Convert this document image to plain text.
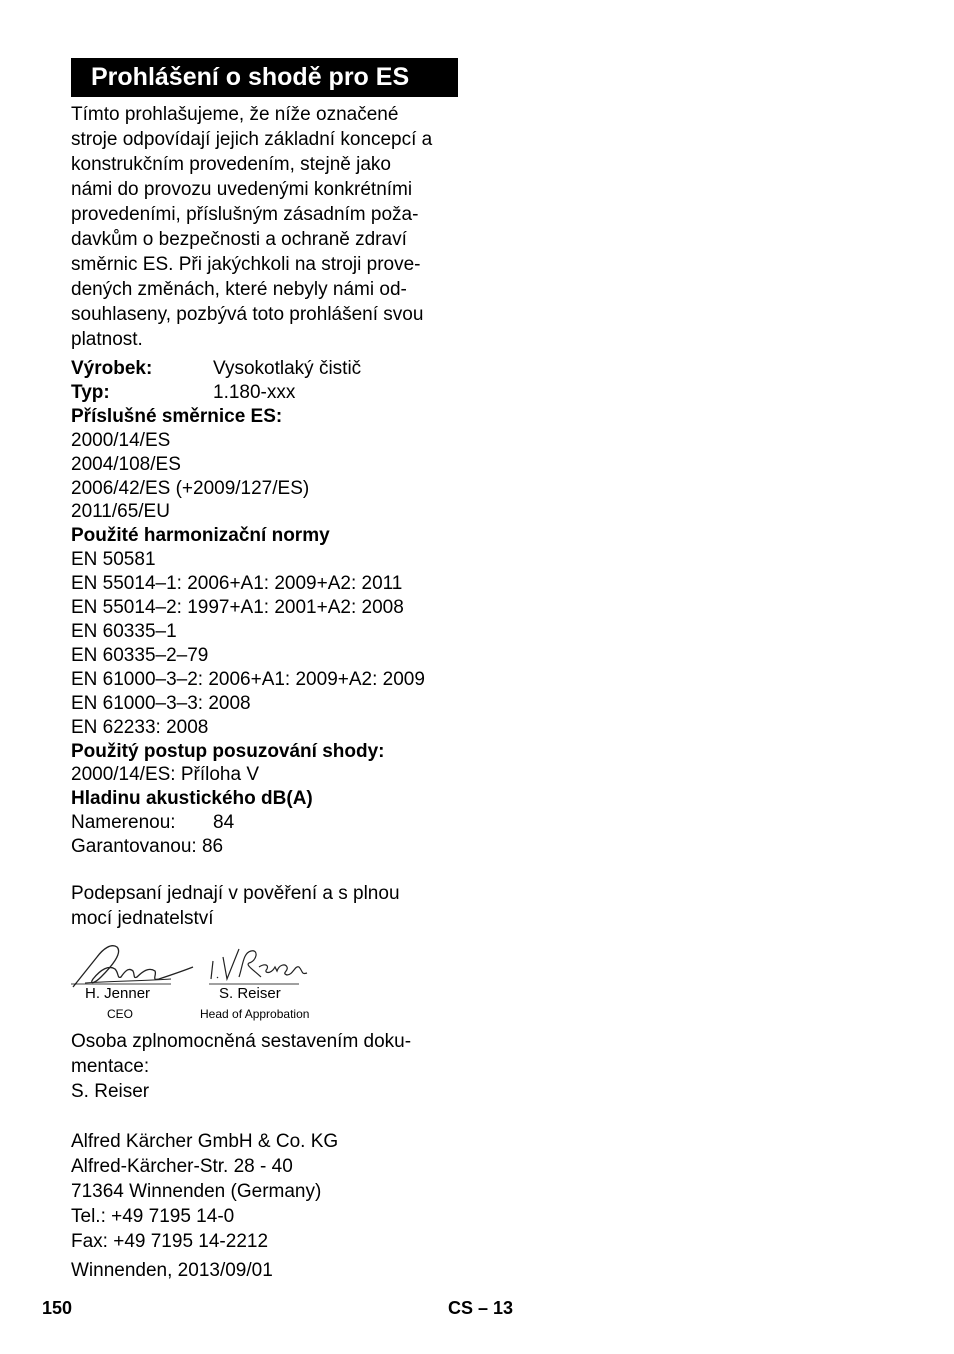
Prohlášení o shodě pro ES

Tímto prohlašujeme, že níže označené

stroje odpovídají jejich základní koncepcí a

konstrukčním provedením, stejně jako

námi do provozu uvedenými konkrétními

provedeními, příslušným zásadním poža-

davkům o bezpečnosti a ochraně zdraví

směrnic ES. Při jakýchkoli na stroji prove-

dených změnách, které nebyly námi od-

souhlaseny, pozbývá toto prohlášení svou

platnost.

Výrobek:	Vysokotlaký čistič
Typ:	1.180-xxx
Příslušné směrnice ES:
2000/14/ES
2004/108/ES
2006/42/ES (+2009/127/ES)
2011/65/EU
Použité harmonizační normy
EN 50581
EN 55014–1: 2006+A1: 2009+A2: 2011
EN 55014–2: 1997+A1: 2001+A2: 2008
EN 60335–1
EN 60335–2–79
EN 61000–3–2: 2006+A1: 2009+A2: 2009
EN 61000–3–3: 2008
EN 62233: 2008
Použitý postup posuzování shody:
2000/14/ES: Příloha V
Hladinu akustického dB(A)
Namerenou: 84
Garantovanou: 86
Podepsaní jednají v pověření a s plnou
mocí jednatelství
H. Jenner
CEO
S. Reiser
Head of Approbation
Osoba zplnomocněná sestavením doku-
mentace:
S. Reiser
Alfred Kärcher GmbH & Co. KG
Alfred-Kärcher-Str. 28 - 40
71364 Winnenden (Germany)
Tel.: +49 7195 14-0
Fax: +49 7195 14-2212
Winnenden, 2013/09/01
150	CS – 13
